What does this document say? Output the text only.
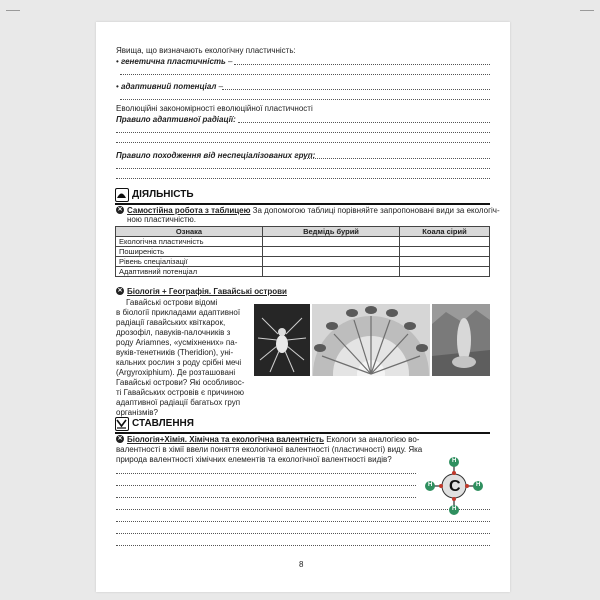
Явища, що визначають екологічну пластичність:
• генетична пластичність –
• адаптивний потенціал –
Еволюційні закономірності еволюційної пластичності
Правило адаптивної радіації:
Правило походження від неспеціалізованих груп:
ДІЯЛЬНІСТЬ
✕ Самостійна робота з таблицею За допомогою таблиці порівняйте запропоновані види за екологіч-
ною пластичністю.
Ознака	Ведмідь бурий	Коала сірий
Екологічна пластичність		
Поширеність		
Рівень спеціалізації		
Адаптивний потенціал		
✕ Біологія + Географія. Гавайські острови
Гавайські острови відомі
в біології прикладами адаптивної
радіації гавайських квіткарок,
дрозофіл, павуків-палочників з
роду Ariamnes, «усміхнених» па-
вуків-тенетників (Theridion), уні-
кальних рослин з роду срібні мечі
(Argyroxiphium). Де розташовані
Гавайські острови? Які особливос-
ті Гавайських островів є причиною
адаптивної радіації багатьох груп
організмів?
СТАВЛЕННЯ
✕ Біологія+Хімія. Хімічна та екологічна валентність Екологи за аналогією во-
валентності в хімії ввели поняття екологічної валентності (пластичності) виду. Яка
природа валентності хімічних елементів та екологічної валентності видів?
C
H
H
H	H
8
